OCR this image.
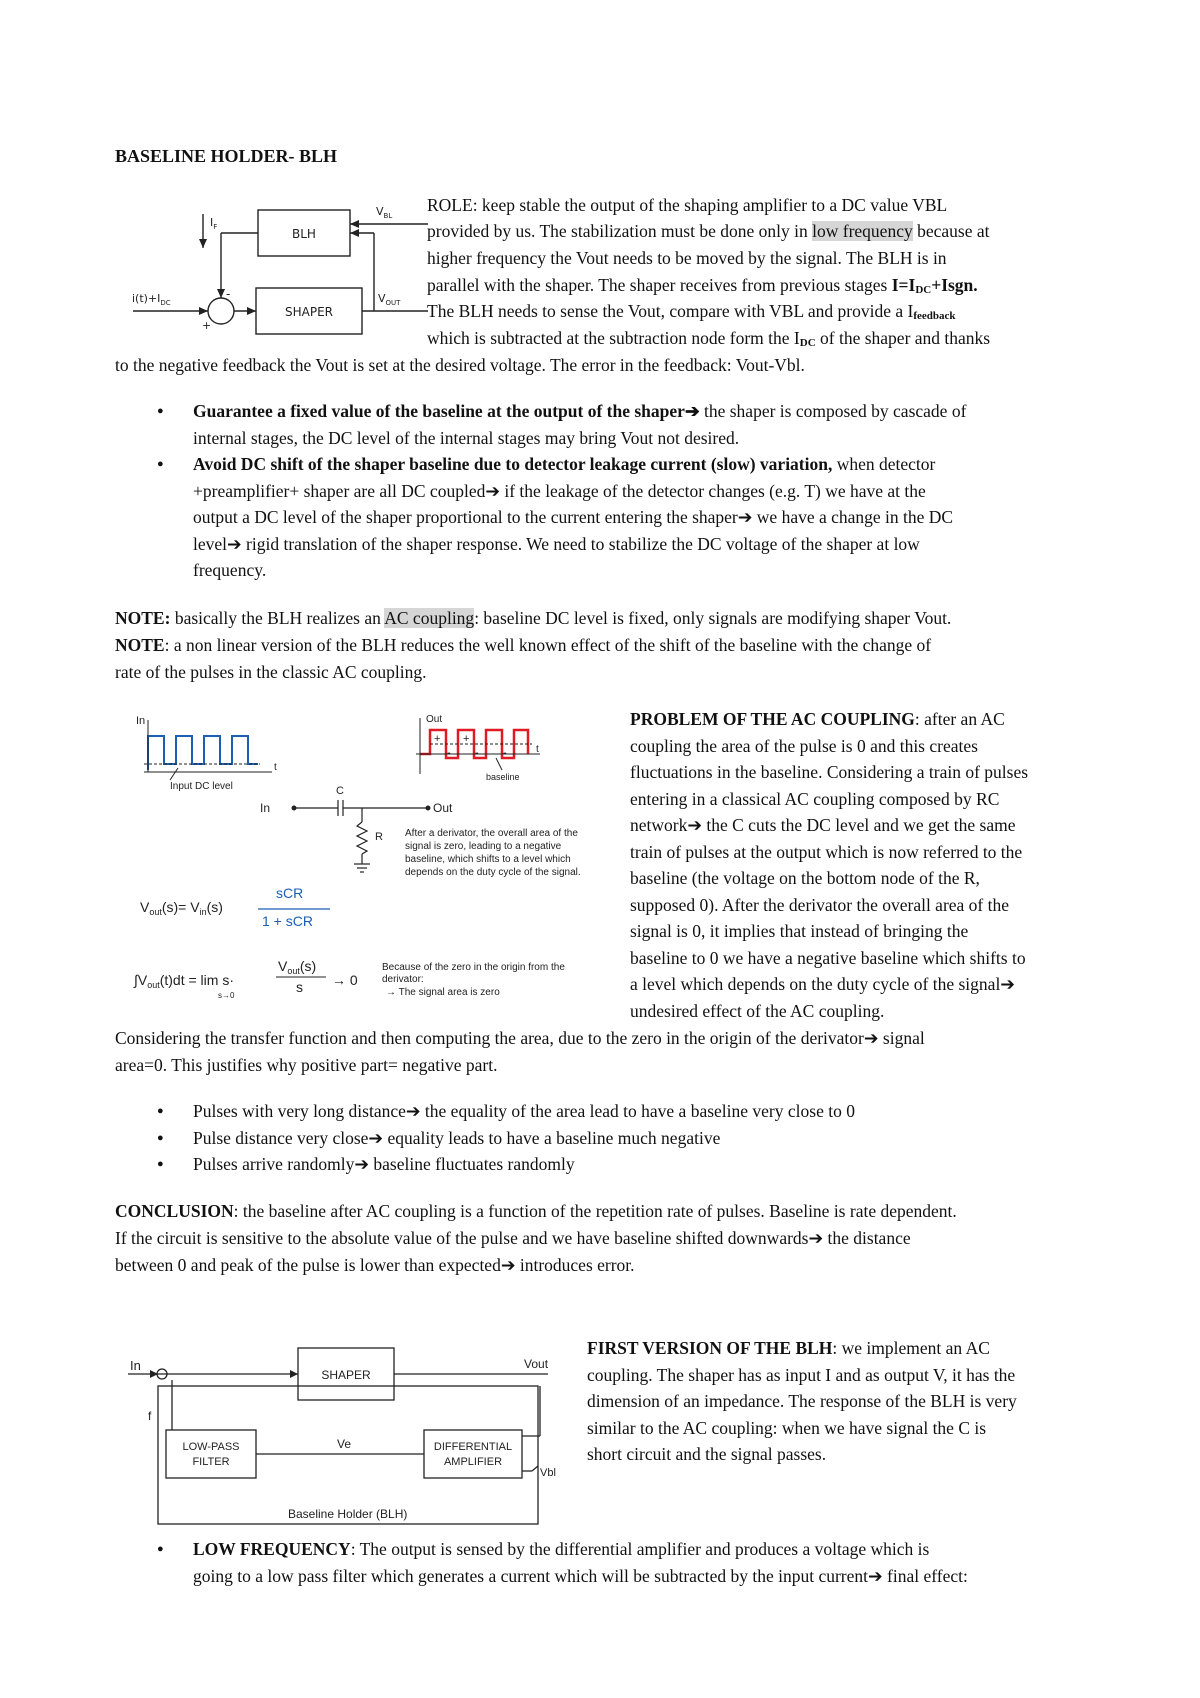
BASELINE HOLDER- BLH

$I_F$
$V_{BL}$
BLH
SHAPER
$V_{OUT}$
$i(t)+I_{DC}$
-
+

ROLE: keep stable the output of the shaping amplifier to a DC value VBL

provided by us. The stabilization must be done only in low frequency because at

higher frequency the Vout needs to be moved by the signal. The BLH is in

parallel with the shaper. The shaper receives from previous stages I=IDC+Isgn.

The BLH needs to sense the Vout, compare with VBL and provide a Ifeedback

which is subtracted at the subtraction node form the IDC of the shaper and thanks

to the negative feedback the Vout is set at the desired voltage. The error in the feedback: Vout-Vbl.

● Guarantee a fixed value of the baseline at the output of the shaper➔ the shaper is composed by cascade of
internal stages, the DC level of the internal stages may bring Vout not desired.
● Avoid DC shift of the shaper baseline due to detector leakage current (slow) variation, when detector
+preamplifier+ shaper are all DC coupled➔ if the leakage of the detector changes (e.g. T) we have at the
output a DC level of the shaper proportional to the current entering the shaper➔ we have a change in the DC
level➔ rigid translation of the shaper response. We need to stabilize the DC voltage of the shaper at low
frequency.

NOTE: basically the BLH realizes an AC coupling: baseline DC level is fixed, only signals are modifying shaper Vout.

NOTE: a non linear version of the BLH reduces the well known effect of the shift of the baseline with the change of

rate of the pulses in the classic AC coupling.

In
t
Input DC level
In
C
Out
R
Out
t
baseline
+ +
- - -
After a derivator, the overall area of the
signal is zero, leading to a negative
baseline, which shifts to a level which
depends on the duty cycle of the signal.
$V_{out}(s)= V_{in}(s)$
sCR
1 + sCR
$\int V_{out}(t)dt = \lim s\cdot$
s→0
$V_{out}(s)$
s → 0
Because of the zero in the origin from the
derivator:
→ The signal area is zero

PROBLEM OF THE AC COUPLING: after an AC

coupling the area of the pulse is 0 and this creates

fluctuations in the baseline. Considering a train of pulses

entering in a classical AC coupling composed by RC

network➔ the C cuts the DC level and we get the same

train of pulses at the output which is now referred to the

baseline (the voltage on the bottom node of the R,

supposed 0). After the derivator the overall area of the

signal is 0, it implies that instead of bringing the

baseline to 0 we have a negative baseline which shifts to

a level which depends on the duty cycle of the signal➔

undesired effect of the AC coupling.

Considering the transfer function and then computing the area, due to the zero in the origin of the derivator➔ signal

area=0. This justifies why positive part= negative part.

● Pulses with very long distance➔ the equality of the area lead to have a baseline very close to 0
● Pulse distance very close➔ equality leads to have a baseline much negative
● Pulses arrive randomly➔ baseline fluctuates randomly

CONCLUSION: the baseline after AC coupling is a function of the repetition rate of pulses. Baseline is rate dependent.

If the circuit is sensitive to the absolute value of the pulse and we have baseline shifted downwards➔ the distance

between 0 and peak of the pulse is lower than expected➔ introduces error.

In
SHAPER
Vout
f
LOW-PASS
FILTER
Ve	DIFFERENTIAL
AMPLIFIER
Vbl
Baseline Holder (BLH)

FIRST VERSION OF THE BLH: we implement an AC

coupling. The shaper has as input I and as output V, it has the

dimension of an impedance. The response of the BLH is very

similar to the AC coupling: when we have signal the C is

short circuit and the signal passes.

● LOW FREQUENCY: The output is sensed by the differential amplifier and produces a voltage which is
going to a low pass filter which generates a current which will be subtracted by the input current➔ final effect:
